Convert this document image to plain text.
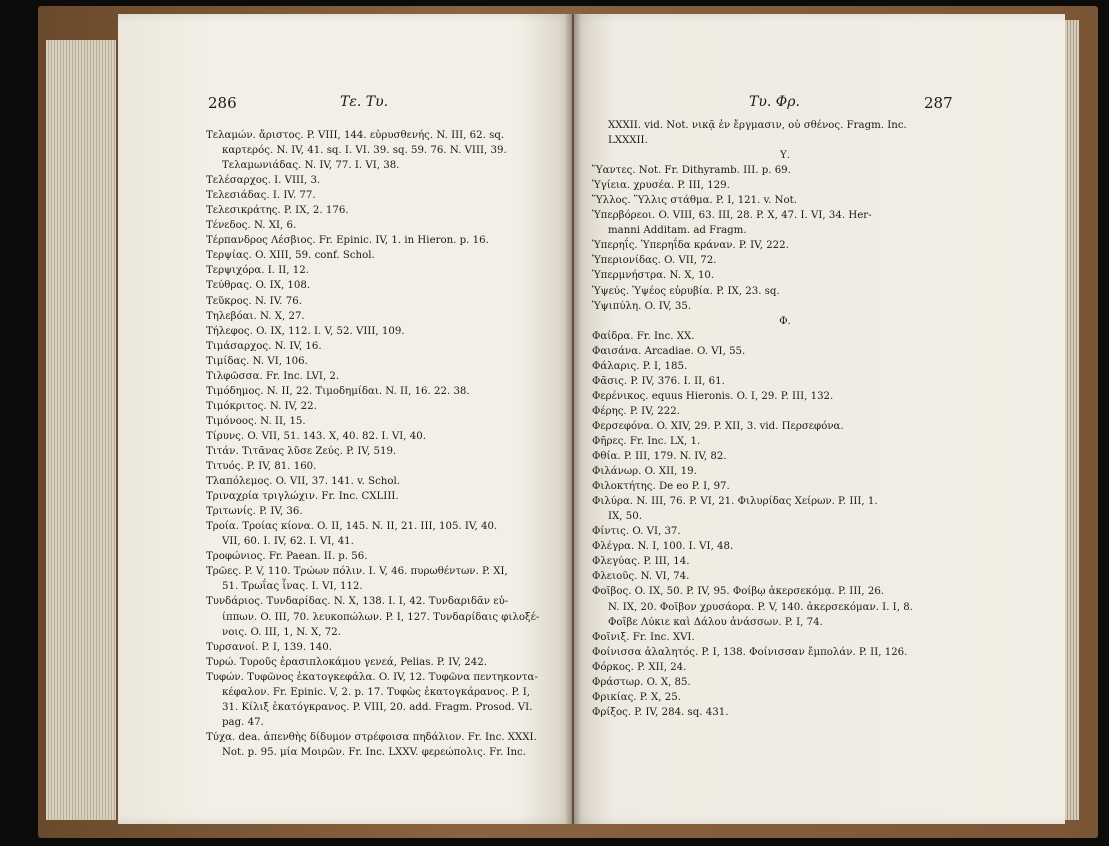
286	Τε. Τυ.
Τελαμών. ἄριστος. P. VIII, 144. εὐρυσθενής. N. III, 62. sq.
καρτερός. N. IV, 41. sq. I. VI. 39. sq. 59. 76. N. VIII, 39.
Τελαμωνιάδας. N. IV, 77. I. VI, 38.
Τελέσαρχος. I. VIII, 3.
Τελεσιάδας. I. IV. 77.
Τελεσικράτης. P. IX, 2. 176.
Τένεδος. N. XI, 6.
Τέρπανδρος Λέσβιος. Fr. Epinic. IV, 1. in Hieron. p. 16.
Τερψίας. O. XIII, 59. conf. Schol.
Τερψιχόρα. I. II, 12.
Τεύθρας. O. IX, 108.
Τεῦκρος. N. IV. 76.
Τηλεβόαι. N. X, 27.
Τήλεφος. O. IX, 112. I. V, 52. VIII, 109.
Τιμάσαρχος. N. IV, 16.
Τιμίδας. N. VI, 106.
Τιλφῶσσα. Fr. Inc. LVI, 2.
Τιμόδημος. N. II, 22. Τιμοδημίδαι. N. II, 16. 22. 38.
Τιμόκριτος. N. IV, 22.
Τιμόνοος. N. II, 15.
Τίρυνς. O. VII, 51. 143. X, 40. 82. I. VI, 40.
Τιτάν. Τιτᾶνας λῦσε Ζεύς. P. IV, 519.
Τιτυός. P. IV, 81. 160.
Τλαπόλεμος. O. VII, 37. 141. v. Schol.
Τριναχρία τριγλώχιν. Fr. Inc. CXLIII.
Τριτωνίς. P. IV, 36.
Τροία. Τροίας κίονα. O. II, 145. N. II, 21. III, 105. IV, 40.
VII, 60. I. IV, 62. I. VI, 41.
Τροφώνιος. Fr. Paean. II. p. 56.
Τρῶες. P. V, 110. Τρώων πόλιν. I. V, 46. πυρωθέντων. P. XI,
51. Τρωΐας ἶνας. I. VI, 112.
Τυνδάριος. Τυνδαρίδας. N. X, 138. I. I, 42. Τυνδαριδᾶν εὐ-
ίππων. O. III, 70. λευκοπώλων. P. I, 127. Τυνδαρίδαις φιλοξέ-
νοις. O. III, 1, N. X, 72.
Τυρσανοί. P. I, 139. 140.
Τυρώ. Τυροῦς ἐρασιπλοκάμου γενεά, Pelias. P. IV, 242.
Τυφών. Τυφῶνος ἑκατογκεφάλα. O. IV, 12. Τυφῶνα πεντηκοντα-
κέφαλον. Fr. Epinic. V, 2. p. 17. Τυφὼς ἑκατογκάρανος. P. I,
31. Κίλιξ ἑκατόγκρανος. P. VIII, 20. add. Fragm. Prosod. VI.
pag. 47.
Τύχα. dea. ἀπενθὴς δίδυμον στρέφοισα πηδάλιον. Fr. Inc. XXXI.
Not. p. 95. μία Μοιρῶν. Fr. Inc. LXXV. φερεώπολις. Fr. Inc.
Τυ. Φρ.	287
XXXII. vid. Not. νικᾷ ἐν ἔργμασιν, οὐ σθένος. Fragm. Inc.
LXXXII.
Υ.
Ὕαντες. Not. Fr. Dithyramb. III. p. 69.
Ὑγίεια. χρυσέα. P. III, 129.
Ὕλλος. Ὕλλις στάθμα. P. I, 121. v. Not.
Ὑπερβόρεοι. O. VIII, 63. III, 28. P. X, 47. I. VI, 34. Her-
manni Additam. ad Fragm.
Ὑπερηΐς. Ὑπερηΐδα κράναν. P. IV, 222.
Ὑπεριονίδας. O. VII, 72.
Ὑπερμνήστρα. N. X, 10.
Ὑψεύς. Ὑψέος εὐρυβία. P. IX, 23. sq.
Ὑψιπύλη. O. IV, 35.
Φ.
Φαίδρα. Fr. Inc. XX.
Φαισάνα. Arcadiae. O. VI, 55.
Φάλαρις. P. I, 185.
Φᾶσις. P. IV, 376. I. II, 61.
Φερένικος. equus Hieronis. O. I, 29. P. III, 132.
Φέρης. P. IV, 222.
Φερσεφόνα. O. XIV, 29. P. XII, 3. vid. Περσεφόνα.
Φῆρες. Fr. Inc. LX, 1.
Φθία. P. III, 179. N. IV, 82.
Φιλάνωρ. O. XII, 19.
Φιλοκτήτης. De eo P. I, 97.
Φιλύρα. N. III, 76. P. VI, 21. Φιλυρίδας Χείρων. P. III, 1.
IX, 50.
Φίντις. O. VI, 37.
Φλέγρα. N. I, 100. I. VI, 48.
Φλεγύας. P. III, 14.
Φλειοῦς. N. VI, 74.
Φοῖβος. O. IX, 50. P. IV, 95. Φοίβῳ ἀκερσεκόμᾳ. P. III, 26.
N. IX, 20. Φοῖβον χρυσάορα. P. V, 140. ἀκερσεκόμαν. I. I, 8.
Φοῖβε Λύκιε καὶ Δάλου ἀνάσσων. P. I, 74.
Φοῖνιξ. Fr. Inc. XVI.
Φοίνισσα ἀλαλητός. P. I, 138. Φοίνισσαν ἔμπολάν. P. II, 126.
Φόρκος. P. XII, 24.
Φράστωρ. O. X, 85.
Φρικίας. P. X, 25.
Φρίξος. P. IV, 284. sq. 431.
